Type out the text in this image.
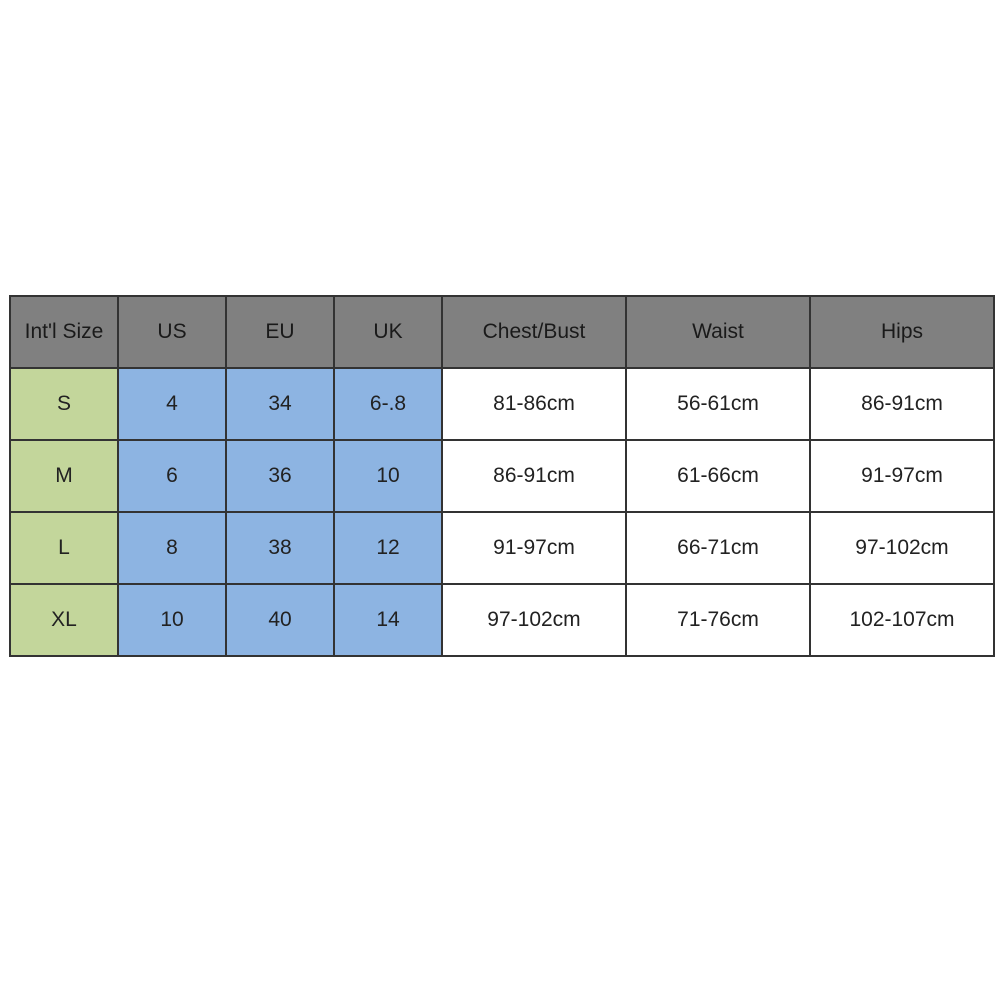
Int'l Size	US	EU	UK	Chest/Bust	Waist	Hips
S	4	34	6-.8	81-86cm	56-61cm	86-91cm
M	6	36	10	86-91cm	61-66cm	91-97cm
L	8	38	12	91-97cm	66-71cm	97-102cm
XL	10	40	14	97-102cm	71-76cm	102-107cm
